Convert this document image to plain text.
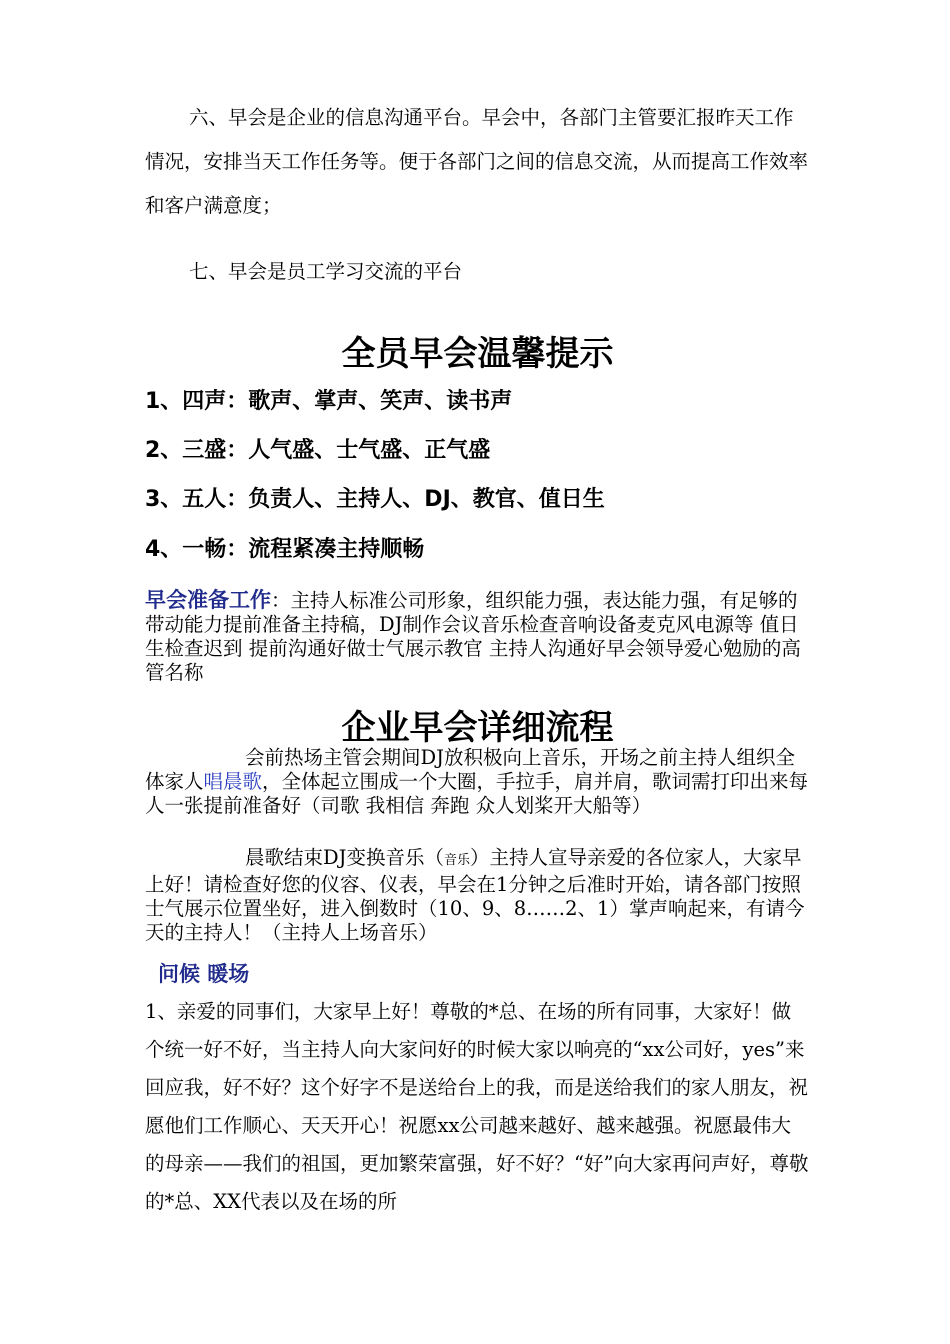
六、早会是企业的信息沟通平台。早会中，各部门主管要汇报昨天工作情况，安排当天工作任务等。便于各部门之间的信息交流，从而提高工作效率和客户满意度；

七、早会是员工学习交流的平台

全员早会温馨提示

1、四声：歌声、掌声、笑声、读书声

2、三盛：人气盛、士气盛、正气盛

3、五人：负责人、主持人、DJ、教官、值日生

4、一畅：流程紧凑主持顺畅

早会准备工作：主持人标准公司形象，组织能力强，表达能力强，有足够的带动能力提前准备主持稿，DJ制作会议音乐检查音响设备麦克风电源等 值日生检查迟到 提前沟通好做士气展示教官 主持人沟通好早会领导爱心勉励的高管名称

企业早会详细流程

会前热场主管会期间DJ放积极向上音乐，开场之前主持人组织全体家人唱晨歌，全体起立围成一个大圈，手拉手，肩并肩，歌词需打印出来每人一张提前准备好（司歌 我相信 奔跑 众人划桨开大船等）

晨歌结束DJ变换音乐（音乐）主持人宣导亲爱的各位家人，大家早上好！请检查好您的仪容、仪表，早会在1分钟之后准时开始，请各部门按照士气展示位置坐好，进入倒数时（10、9、8……2、1）掌声响起来，有请今天的主持人！（主持人上场音乐）

问候 暖场

1、亲爱的同事们，大家早上好！尊敬的*总、在场的所有同事，大家好！做个统一好不好，当主持人向大家问好的时候大家以响亮的“xx公司好，yes”来回应我，好不好？这个好字不是送给台上的我，而是送给我们的家人朋友，祝愿他们工作顺心、天天开心！祝愿xx公司越来越好、越来越强。祝愿最伟大的母亲——我们的祖国，更加繁荣富强，好不好？“好”向大家再问声好，尊敬的*总、XX代表以及在场的所
